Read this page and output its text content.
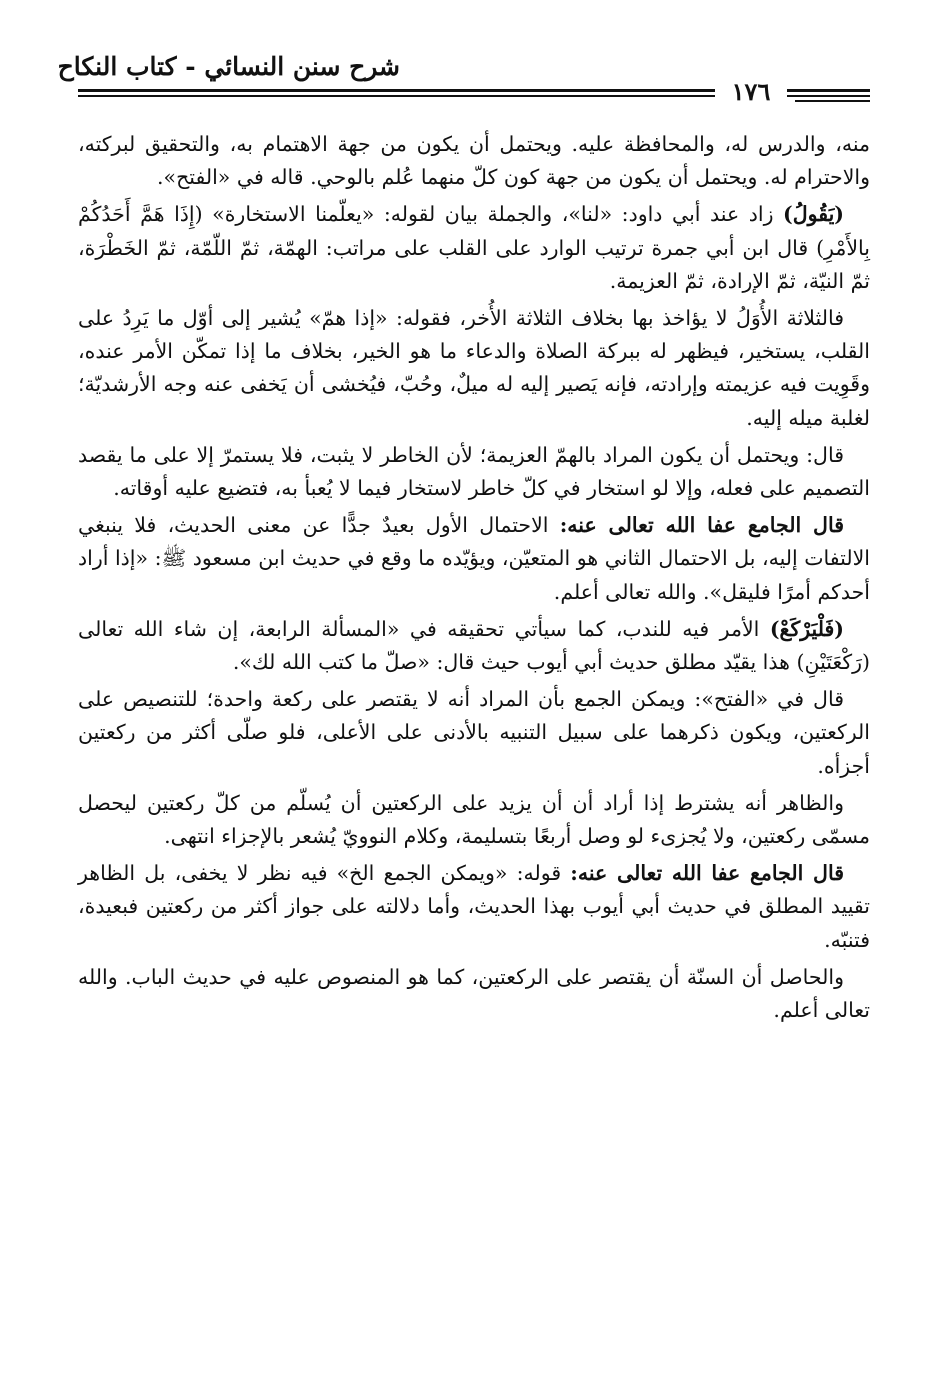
شرح سنن النسائي - كتاب النكاح
١٧٦

منه، والدرس له، والمحافظة عليه. ويحتمل أن يكون من جهة الاهتمام به، والتحقيق لبركته، والاحترام له. ويحتمل أن يكون من جهة كون كلّ منهما عُلم بالوحي. قاله في «الفتح».

(يَقُولُ) زاد عند أبي داود: «لنا»، والجملة بيان لقوله: «يعلّمنا الاستخارة» (إِذَا هَمَّ أَحَدُكُمْ بِالأَمْرِ) قال ابن أبي جمرة ترتيب الوارد على القلب على مراتب: الهمّة، ثمّ اللّمّة، ثمّ الخَطْرَة، ثمّ النيّة، ثمّ الإرادة، ثمّ العزيمة.

فالثلاثة الأُوَلُ لا يؤاخذ بها بخلاف الثلاثة الأُخر، فقوله: «إذا همّ» يُشير إلى أوّل ما يَرِدُ على القلب، يستخير، فيظهر له ببركة الصلاة والدعاء ما هو الخير، بخلاف ما إذا تمكّن الأمر عنده، وقَوِيت فيه عزيمته وإرادته، فإنه يَصير إليه له ميلٌ، وحُبّ، فيُخشى أن يَخفى عنه وجه الأرشديّة؛ لغلبة ميله إليه.

قال: ويحتمل أن يكون المراد بالهمّ العزيمة؛ لأن الخاطر لا يثبت، فلا يستمرّ إلا على ما يقصد التصميم على فعله، وإلا لو استخار في كلّ خاطر لاستخار فيما لا يُعبأ به، فتضيع عليه أوقاته.

قال الجامع عفا الله تعالى عنه: الاحتمال الأول بعيدٌ جدًّا عن معنى الحديث، فلا ينبغي الالتفات إليه، بل الاحتمال الثاني هو المتعيّن، ويؤيّده ما وقع في حديث ابن مسعود ﷺ: «إذا أراد أحدكم أمرًا فليقل». والله تعالى أعلم.

(فَلْيَرْكَعْ) الأمر فيه للندب، كما سيأتي تحقيقه في «المسألة الرابعة، إن شاء الله تعالى (رَكْعَتَيْنِ) هذا يقيّد مطلق حديث أبي أيوب حيث قال: «صلّ ما كتب الله لك».

قال في «الفتح»: ويمكن الجمع بأن المراد أنه لا يقتصر على ركعة واحدة؛ للتنصيص على الركعتين، ويكون ذكرهما على سبيل التنبيه بالأدنى على الأعلى، فلو صلّى أكثر من ركعتين أجزأه.

والظاهر أنه يشترط إذا أراد أن أن يزيد على الركعتين أن يُسلّم من كلّ ركعتين ليحصل مسمّى ركعتين، ولا يُجزىء لو وصل أربعًا بتسليمة، وكلام النوويّ يُشعر بالإجزاء انتهى.

قال الجامع عفا الله تعالى عنه: قوله: «ويمكن الجمع الخ» فيه نظر لا يخفى، بل الظاهر تقييد المطلق في حديث أبي أيوب بهذا الحديث، وأما دلالته على جواز أكثر من ركعتين فبعيدة، فتنبّه.

والحاصل أن السنّة أن يقتصر على الركعتين، كما هو المنصوص عليه في حديث الباب. والله تعالى أعلم.
